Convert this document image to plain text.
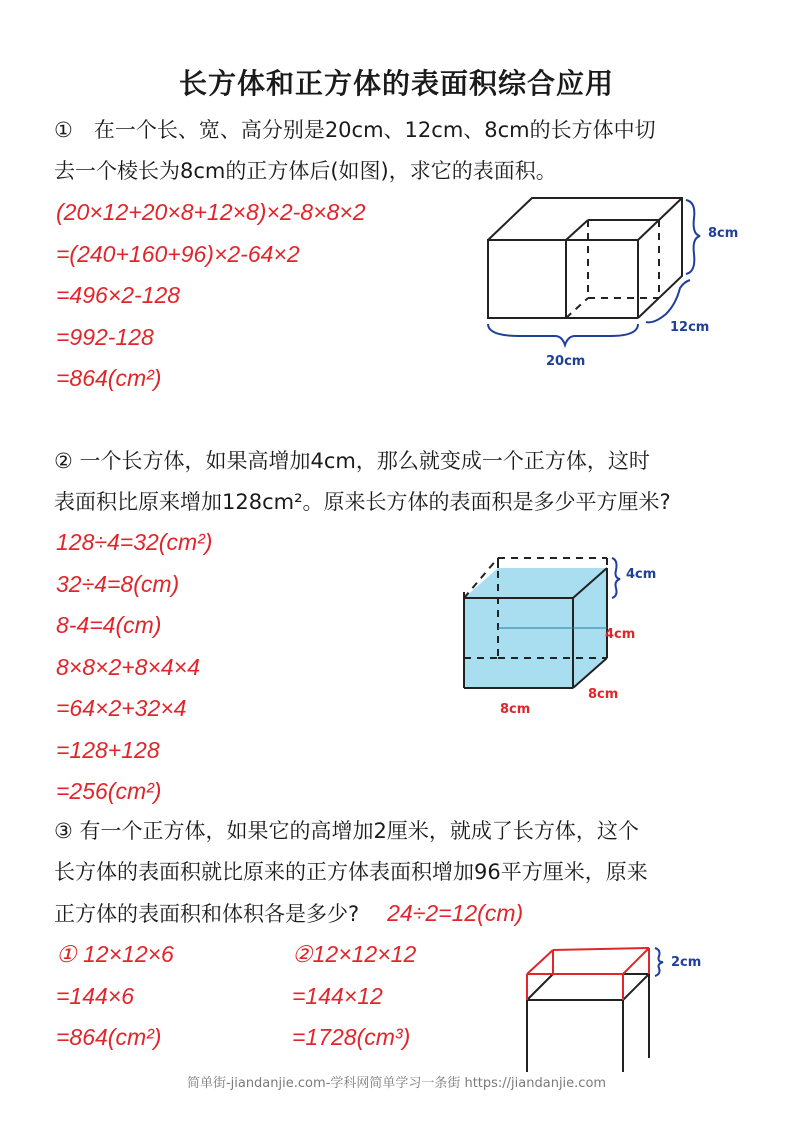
长方体和正方体的表面积综合应用
①　在一个长、宽、高分别是20cm、12cm、8cm的长方体中切
去一个棱长为8cm的正方体后(如图)，求它的表面积。
(20×12+20×8+12×8)×2-8×8×2
=(240+160+96)×2-64×2
=496×2-128
=992-128
=864(cm²)
8cm
12cm
20cm
② 一个长方体，如果高增加4cm，那么就变成一个正方体，这时
表面积比原来增加128cm²。原来长方体的表面积是多少平方厘米?
128÷4=32(cm²)
32÷4=8(cm)
8-4=4(cm)
8×8×2+8×4×4
=64×2+32×4
=128+128
=256(cm²)
4cm
4cm
8cm
8cm
③ 有一个正方体，如果它的高增加2厘米，就成了长方体，这个
长方体的表面积就比原来的正方体表面积增加96平方厘米，原来
正方体的表面积和体积各是多少? 24÷2=12(cm)
① 12×12×6
=144×6
=864(cm²)
②12×12×12
=144×12
=1728(cm³)
2cm
简单街-jiandanjie.com-学科网简单学习一条街 https://jiandanjie.com
